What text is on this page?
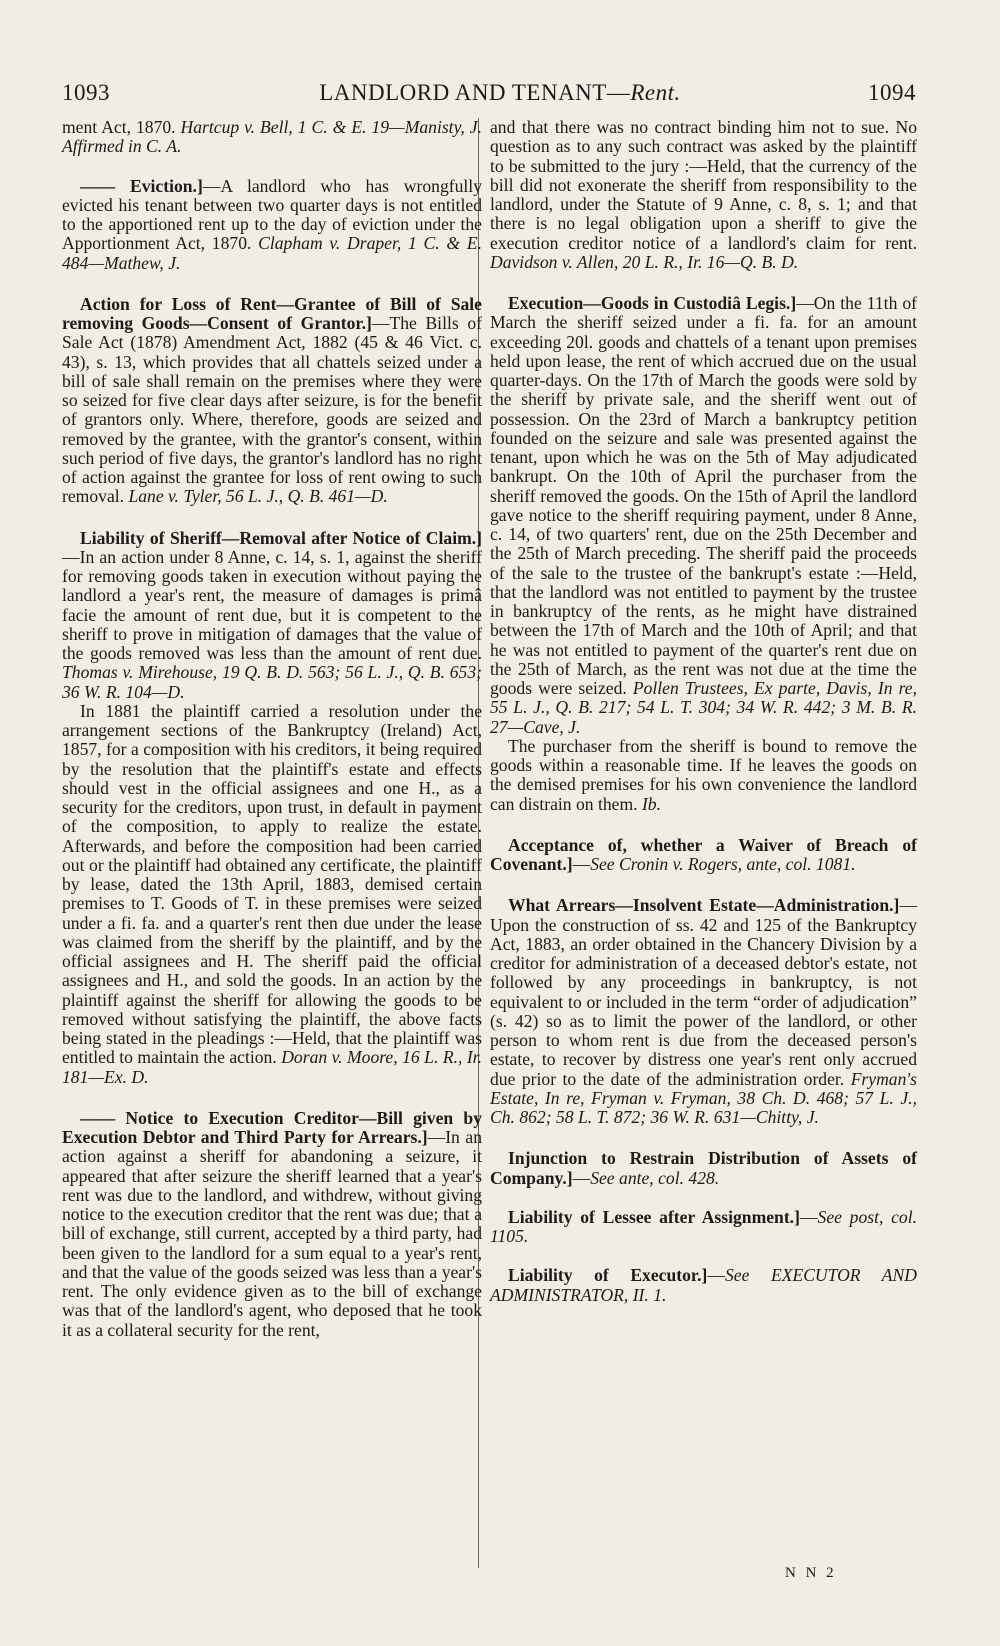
1093	LANDLORD AND TENANT—Rent.	1094

ment Act, 1870. Hartcup v. Bell, 1 C. & E. 19—Manisty, J. Affirmed in C. A.

—— Eviction.]—A landlord who has wrongfully evicted his tenant between two quarter days is not entitled to the apportioned rent up to the day of eviction under the Apportionment Act, 1870. Clapham v. Draper, 1 C. & E. 484—Mathew, J.

Action for Loss of Rent—Grantee of Bill of Sale removing Goods—Consent of Grantor.]—The Bills of Sale Act (1878) Amendment Act, 1882 (45 & 46 Vict. c. 43), s. 13, which provides that all chattels seized under a bill of sale shall remain on the premises where they were so seized for five clear days after seizure, is for the benefit of grantors only. Where, therefore, goods are seized and removed by the grantee, with the grantor's consent, within such period of five days, the grantor's landlord has no right of action against the grantee for loss of rent owing to such removal. Lane v. Tyler, 56 L. J., Q. B. 461—D.

Liability of Sheriff—Removal after Notice of Claim.]—In an action under 8 Anne, c. 14, s. 1, against the sheriff for removing goods taken in execution without paying the landlord a year's rent, the measure of damages is primâ facie the amount of rent due, but it is competent to the sheriff to prove in mitigation of damages that the value of the goods removed was less than the amount of rent due. Thomas v. Mirehouse, 19 Q. B. D. 563; 56 L. J., Q. B. 653; 36 W. R. 104—D.

In 1881 the plaintiff carried a resolution under the arrangement sections of the Bankruptcy (Ireland) Act, 1857, for a composition with his creditors, it being required by the resolution that the plaintiff's estate and effects should vest in the official assignees and one H., as a security for the creditors, upon trust, in default in payment of the composition, to apply to realize the estate. Afterwards, and before the composition had been carried out or the plaintiff had obtained any certificate, the plaintiff by lease, dated the 13th April, 1883, demised certain premises to T. Goods of T. in these premises were seized under a fi. fa. and a quarter's rent then due under the lease was claimed from the sheriff by the plaintiff, and by the official assignees and H. The sheriff paid the official assignees and H., and sold the goods. In an action by the plaintiff against the sheriff for allowing the goods to be removed without satisfying the plaintiff, the above facts being stated in the pleadings :—Held, that the plaintiff was entitled to maintain the action. Doran v. Moore, 16 L. R., Ir. 181—Ex. D.

—— Notice to Execution Creditor—Bill given by Execution Debtor and Third Party for Arrears.]—In an action against a sheriff for abandoning a seizure, it appeared that after seizure the sheriff learned that a year's rent was due to the landlord, and withdrew, without giving notice to the execution creditor that the rent was due; that a bill of exchange, still current, accepted by a third party, had been given to the landlord for a sum equal to a year's rent, and that the value of the goods seized was less than a year's rent. The only evidence given as to the bill of exchange was that of the landlord's agent, who deposed that he took it as a collateral security for the rent,

and that there was no contract binding him not to sue. No question as to any such contract was asked by the plaintiff to be submitted to the jury :—Held, that the currency of the bill did not exonerate the sheriff from responsibility to the landlord, under the Statute of 9 Anne, c. 8, s. 1; and that there is no legal obligation upon a sheriff to give the execution creditor notice of a landlord's claim for rent. Davidson v. Allen, 20 L. R., Ir. 16—Q. B. D.

Execution—Goods in Custodiâ Legis.]—On the 11th of March the sheriff seized under a fi. fa. for an amount exceeding 20l. goods and chattels of a tenant upon premises held upon lease, the rent of which accrued due on the usual quarter-days. On the 17th of March the goods were sold by the sheriff by private sale, and the sheriff went out of possession. On the 23rd of March a bankruptcy petition founded on the seizure and sale was presented against the tenant, upon which he was on the 5th of May adjudicated bankrupt. On the 10th of April the purchaser from the sheriff removed the goods. On the 15th of April the landlord gave notice to the sheriff requiring payment, under 8 Anne, c. 14, of two quarters' rent, due on the 25th December and the 25th of March preceding. The sheriff paid the proceeds of the sale to the trustee of the bankrupt's estate :—Held, that the landlord was not entitled to payment by the trustee in bankruptcy of the rents, as he might have distrained between the 17th of March and the 10th of April; and that he was not entitled to payment of the quarter's rent due on the 25th of March, as the rent was not due at the time the goods were seized. Pollen Trustees, Ex parte, Davis, In re, 55 L. J., Q. B. 217; 54 L. T. 304; 34 W. R. 442; 3 M. B. R. 27—Cave, J.

The purchaser from the sheriff is bound to remove the goods within a reasonable time. If he leaves the goods on the demised premises for his own convenience the landlord can distrain on them. Ib.

Acceptance of, whether a Waiver of Breach of Covenant.]—See Cronin v. Rogers, ante, col. 1081.

What Arrears—Insolvent Estate—Administration.]—Upon the construction of ss. 42 and 125 of the Bankruptcy Act, 1883, an order obtained in the Chancery Division by a creditor for administration of a deceased debtor's estate, not followed by any proceedings in bankruptcy, is not equivalent to or included in the term “order of adjudication” (s. 42) so as to limit the power of the landlord, or other person to whom rent is due from the deceased person's estate, to recover by distress one year's rent only accrued due prior to the date of the administration order. Fryman's Estate, In re, Fryman v. Fryman, 38 Ch. D. 468; 57 L. J., Ch. 862; 58 L. T. 872; 36 W. R. 631—Chitty, J.

Injunction to Restrain Distribution of Assets of Company.]—See ante, col. 428.

Liability of Lessee after Assignment.]—See post, col. 1105.

Liability of Executor.]—See EXECUTOR AND ADMINISTRATOR, II. 1.

N N 2
